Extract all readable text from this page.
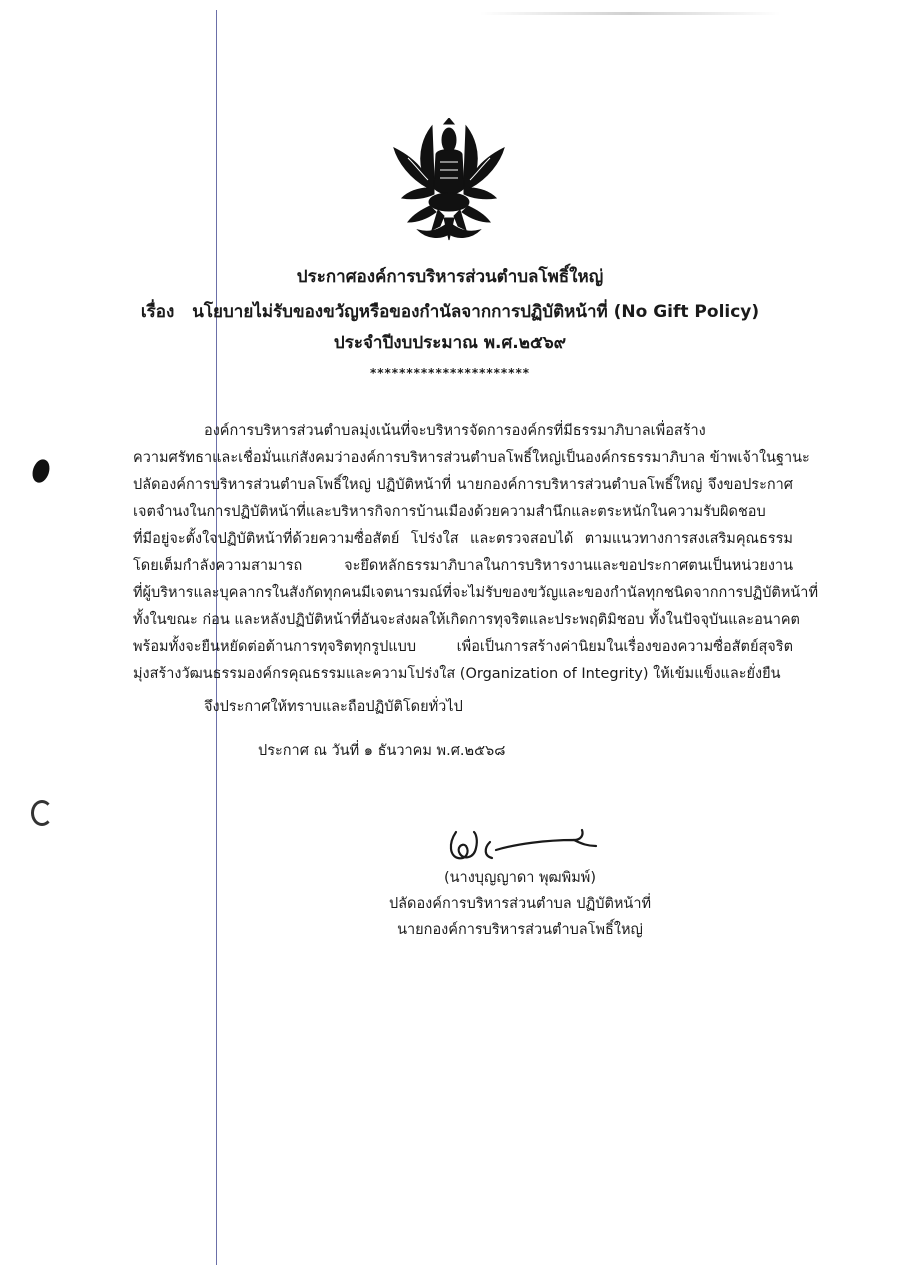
ประกาศองค์การบริหารส่วนตำบลโพธิ์ใหญ่
เรื่อง นโยบายไม่รับของขวัญหรือของกำนัลจากการปฏิบัติหน้าที่ (No Gift Policy)
ประจำปีงบประมาณ พ.ศ.๒๕๖๙
**********************
องค์การบริหารส่วนตำบลมุ่งเน้นที่จะบริหารจัดการองค์กรที่มีธรรมาภิบาลเพื่อสร้าง
ความศรัทธาและเชื่อมั่นแก่สังคมว่าองค์การบริหารส่วนตำบลโพธิ์ใหญ่เป็นองค์กรธรรมาภิบาล ข้าพเจ้าในฐานะ
ปลัดองค์การบริหารส่วนตำบลโพธิ์ใหญ่ ปฏิบัติหน้าที่ นายกองค์การบริหารส่วนตำบลโพธิ์ใหญ่ จึงขอประกาศ
เจตจำนงในการปฏิบัติหน้าที่และบริหารกิจการบ้านเมืองด้วยความสำนึกและตระหนักในความรับผิดชอบ
ที่มีอยู่จะตั้งใจปฏิบัติหน้าที่ด้วยความซื่อสัตย์ โปร่งใส และตรวจสอบได้ ตามแนวทางการสงเสริมคุณธรรม
โดยเต็มกำลังความสามารถ จะยึดหลักธรรมาภิบาลในการบริหารงานและขอประกาศตนเป็นหน่วยงาน
ที่ผู้บริหารและบุคลากรในสังกัดทุกคนมีเจตนารมณ์ที่จะไม่รับของขวัญและของกำนัลทุกชนิดจากการปฏิบัติหน้าที่
ทั้งในขณะ ก่อน และหลังปฏิบัติหน้าที่อันจะส่งผลให้เกิดการทุจริตและประพฤติมิชอบ ทั้งในปัจจุบันและอนาคต
พร้อมทั้งจะยืนหยัดต่อต้านการทุจริตทุกรูปแบบ เพื่อเป็นการสร้างค่านิยมในเรื่องของความซื่อสัตย์สุจริต
มุ่งสร้างวัฒนธรรมองค์กรคุณธรรมและความโปร่งใส (Organization of Integrity) ให้เข้มแข็งและยั่งยืน
จึงประกาศให้ทราบและถือปฏิบัติโดยทั่วไป
ประกาศ ณ วันที่ ๑ ธันวาคม พ.ศ.๒๕๖๘
(นางบุญญาดา พุฒพิมพ์)
ปลัดองค์การบริหารส่วนตำบล ปฏิบัติหน้าที่
นายกองค์การบริหารส่วนตำบลโพธิ์ใหญ่
